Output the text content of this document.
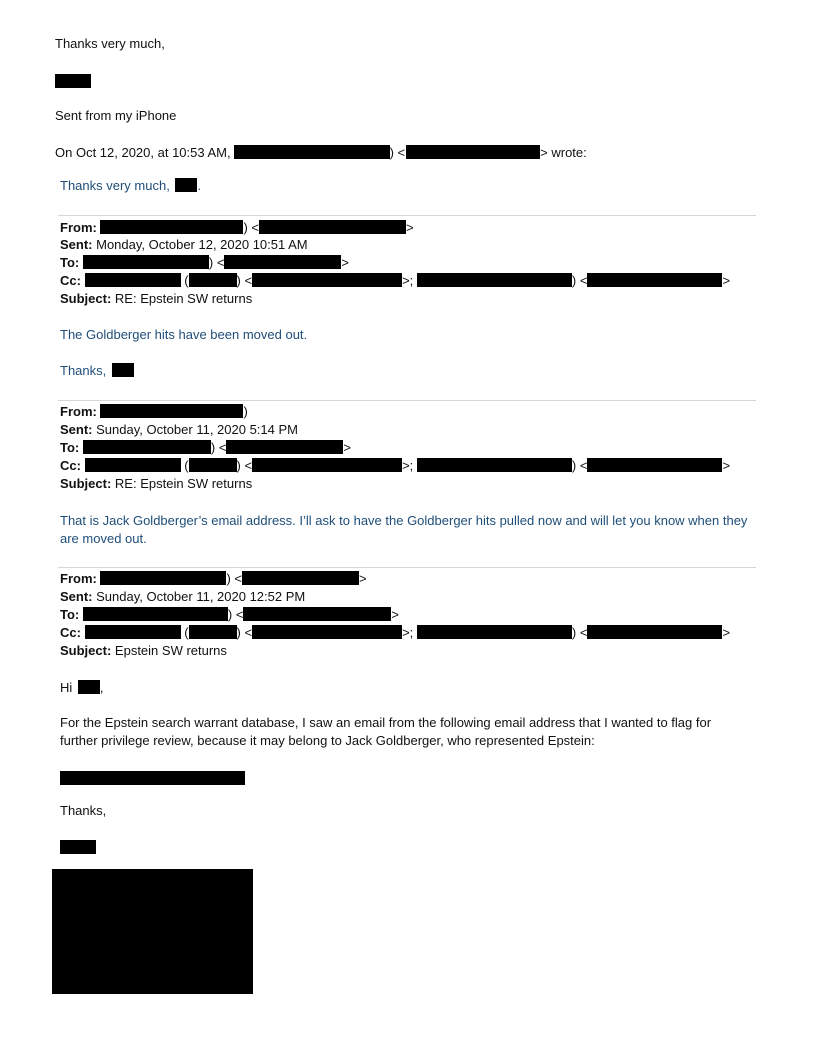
Thanks very much,
Sent from my iPhone
On Oct 12, 2020, at 10:53 AM,	) <	> wrote:
Thanks very much, .
From:	) <	>
Sent: Monday, October 12, 2020 10:51 AM
To:	) <	>
Cc:	(	) <	>;	) <	>
Subject: RE: Epstein SW returns
The Goldberger hits have been moved out.
Thanks,
From:	)
Sent: Sunday, October 11, 2020 5:14 PM
To:	) <	>
Cc:	(	) <	>;	) <	>
Subject: RE: Epstein SW returns
That is Jack Goldberger’s email address. I’ll ask to have the Goldberger hits pulled now and will let you know when they are moved out.
From:	) <	>
Sent: Sunday, October 11, 2020 12:52 PM
To:	) <	>
Cc:	(	) <	>;	) <	>
Subject: Epstein SW returns
Hi ,
For the Epstein search warrant database, I saw an email from the following email address that I wanted to flag for further privilege review, because it may belong to Jack Goldberger, who represented Epstein:
Thanks,
